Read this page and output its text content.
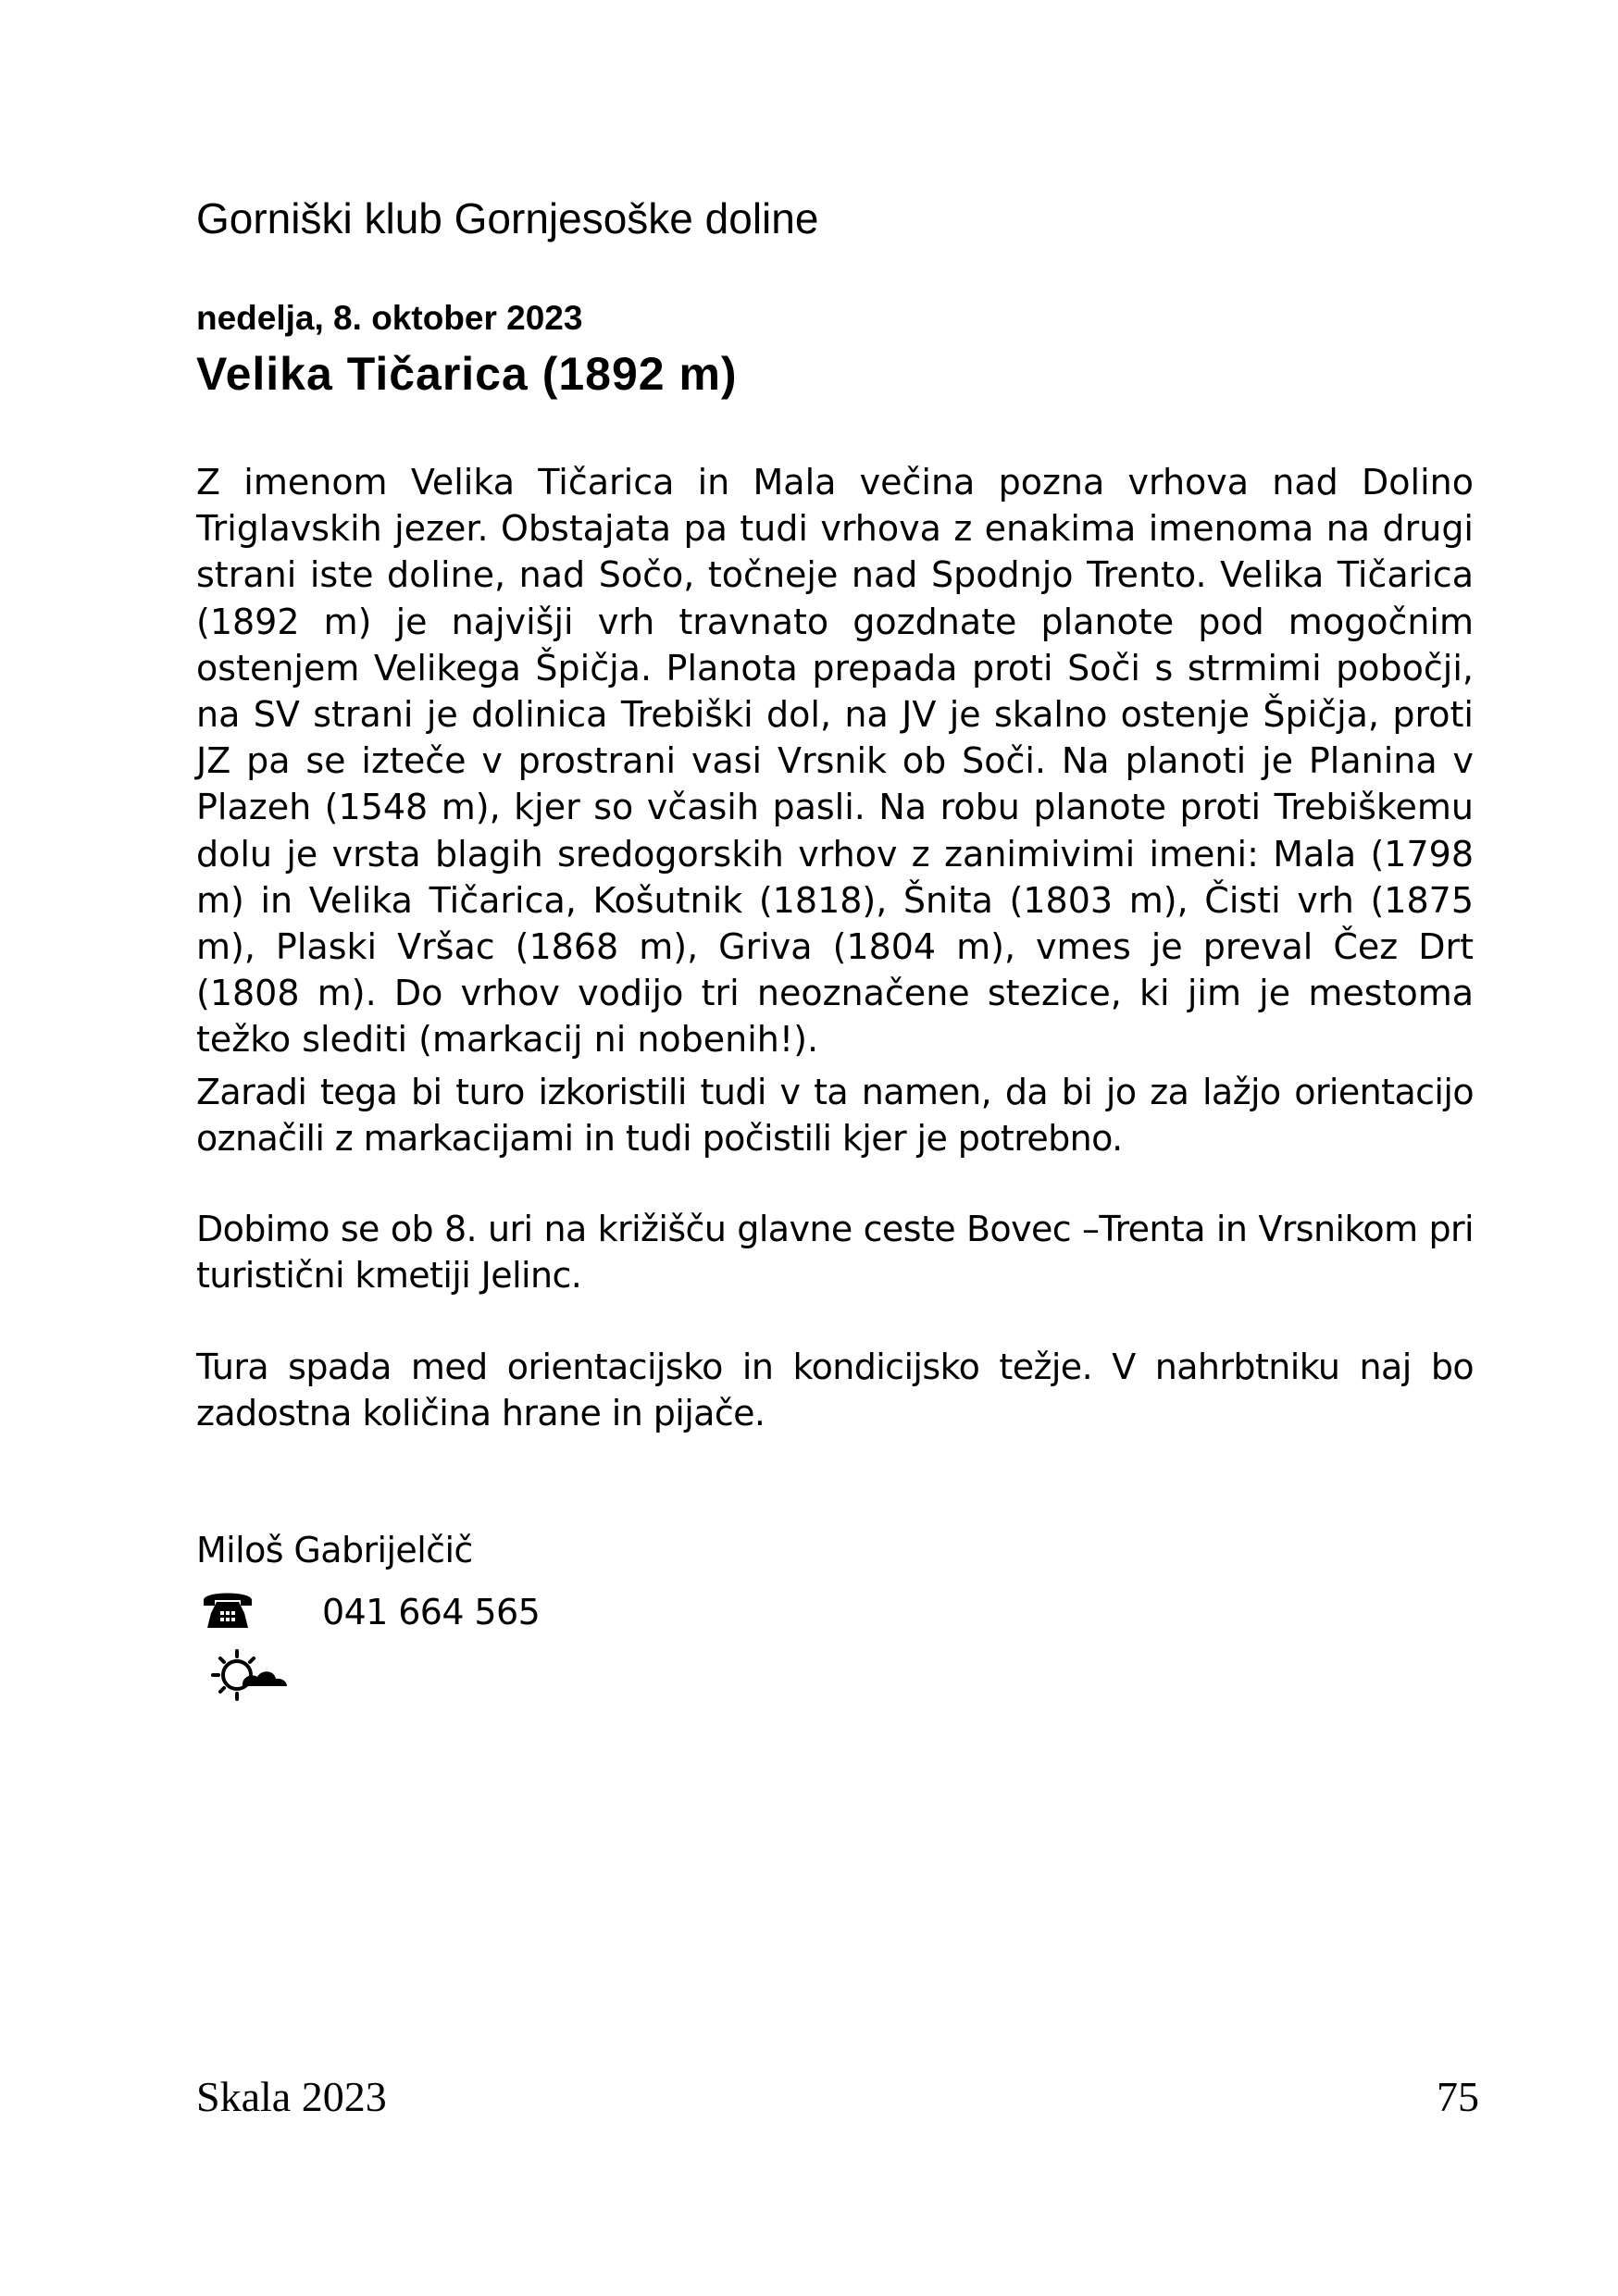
Gorniški klub Gornjesoške doline
nedelja, 8. oktober 2023
Velika Tičarica (1892 m)

Z imenom Velika Tičarica in Mala večina pozna vrhova nad Dolino Triglavskih jezer. Obstajata pa tudi vrhova z enakima imenoma na drugi strani iste doline, nad Sočo, točneje nad Spodnjo Trento. Velika Tičarica (1892 m) je najvišji vrh travnato gozdnate planote pod mogočnim ostenjem Velikega Špičja. Planota prepada proti Soči s strmimi pobočji, na SV strani je dolinica Trebiški dol, na JV je skalno ostenje Špičja, proti JZ pa se izteče v prostrani vasi Vrsnik ob Soči. Na planoti je Planina v Plazeh (1548 m), kjer so včasih pasli. Na robu planote proti Trebiškemu dolu je vrsta blagih sredogorskih vrhov z zanimivimi imeni: Mala (1798 m) in Velika Tičarica, Košutnik (1818), Šnita (1803 m), Čisti vrh (1875 m), Plaski Vršac (1868 m), Griva (1804 m), vmes je preval Čez Drt (1808 m). Do vrhov vodijo tri neoznačene stezice, ki jim je mestoma težko slediti (markacij ni nobenih!).

Zaradi tega bi turo izkoristili tudi v ta namen, da bi jo za lažjo orientacijo označili z markacijami in tudi počistili kjer je potrebno.

Dobimo se ob 8. uri na križišču glavne ceste Bovec –Trenta in Vrsnikom pri turistični kmetiji Jelinc.

Tura spada med orientacijsko in kondicijsko težje. V nahrbtniku naj bo zadostna količina hrane in pijače.

Miloš Gabrijelčič
041 664 565
Skala 2023	75
